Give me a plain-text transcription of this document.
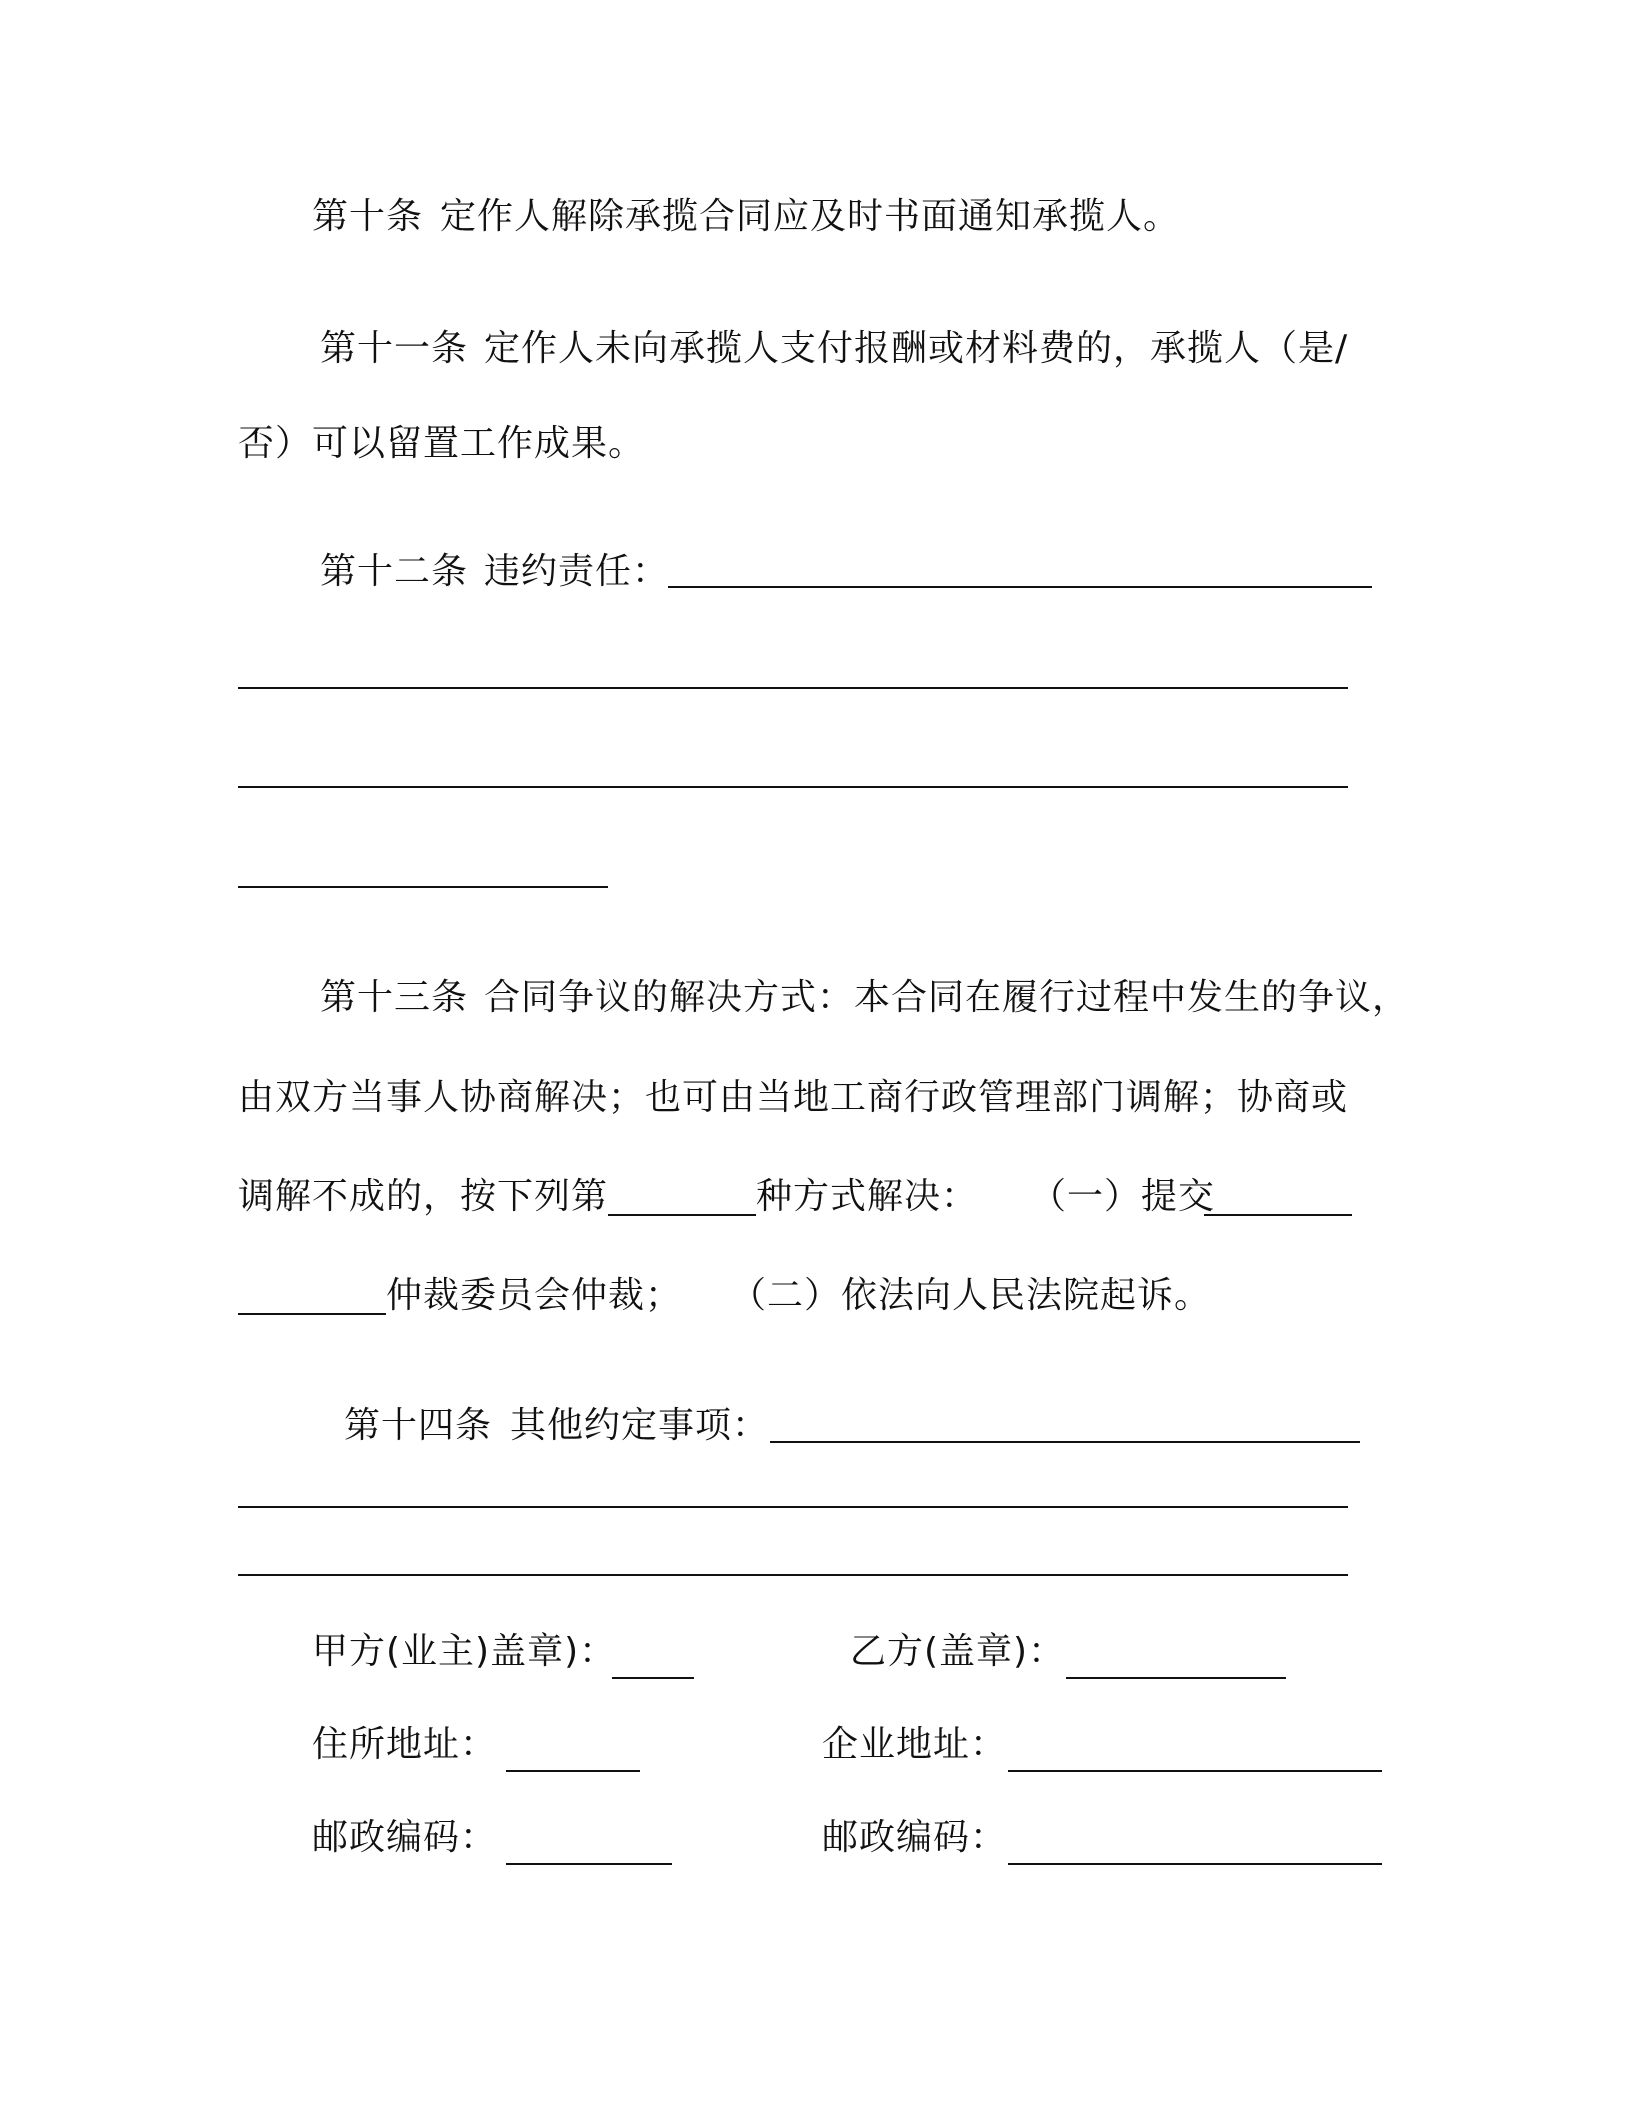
第十条 定作人解除承揽合同应及时书面通知承揽人。
第十一条 定作人未向承揽人支付报酬或材料费的，承揽人（是/
否）可以留置工作成果。
第十二条 违约责任：
第十三条 合同争议的解决方式：本合同在履行过程中发生的争议，
由双方当事人协商解决；也可由当地工商行政管理部门调解；协商或
调解不成的，按下列第	种方式解决： （一）提交
仲裁委员会仲裁； （二）依法向人民法院起诉。
第十四条 其他约定事项：
甲方(业主)盖章)：	乙方(盖章)：
住所地址：	企业地址：
邮政编码：	邮政编码：
